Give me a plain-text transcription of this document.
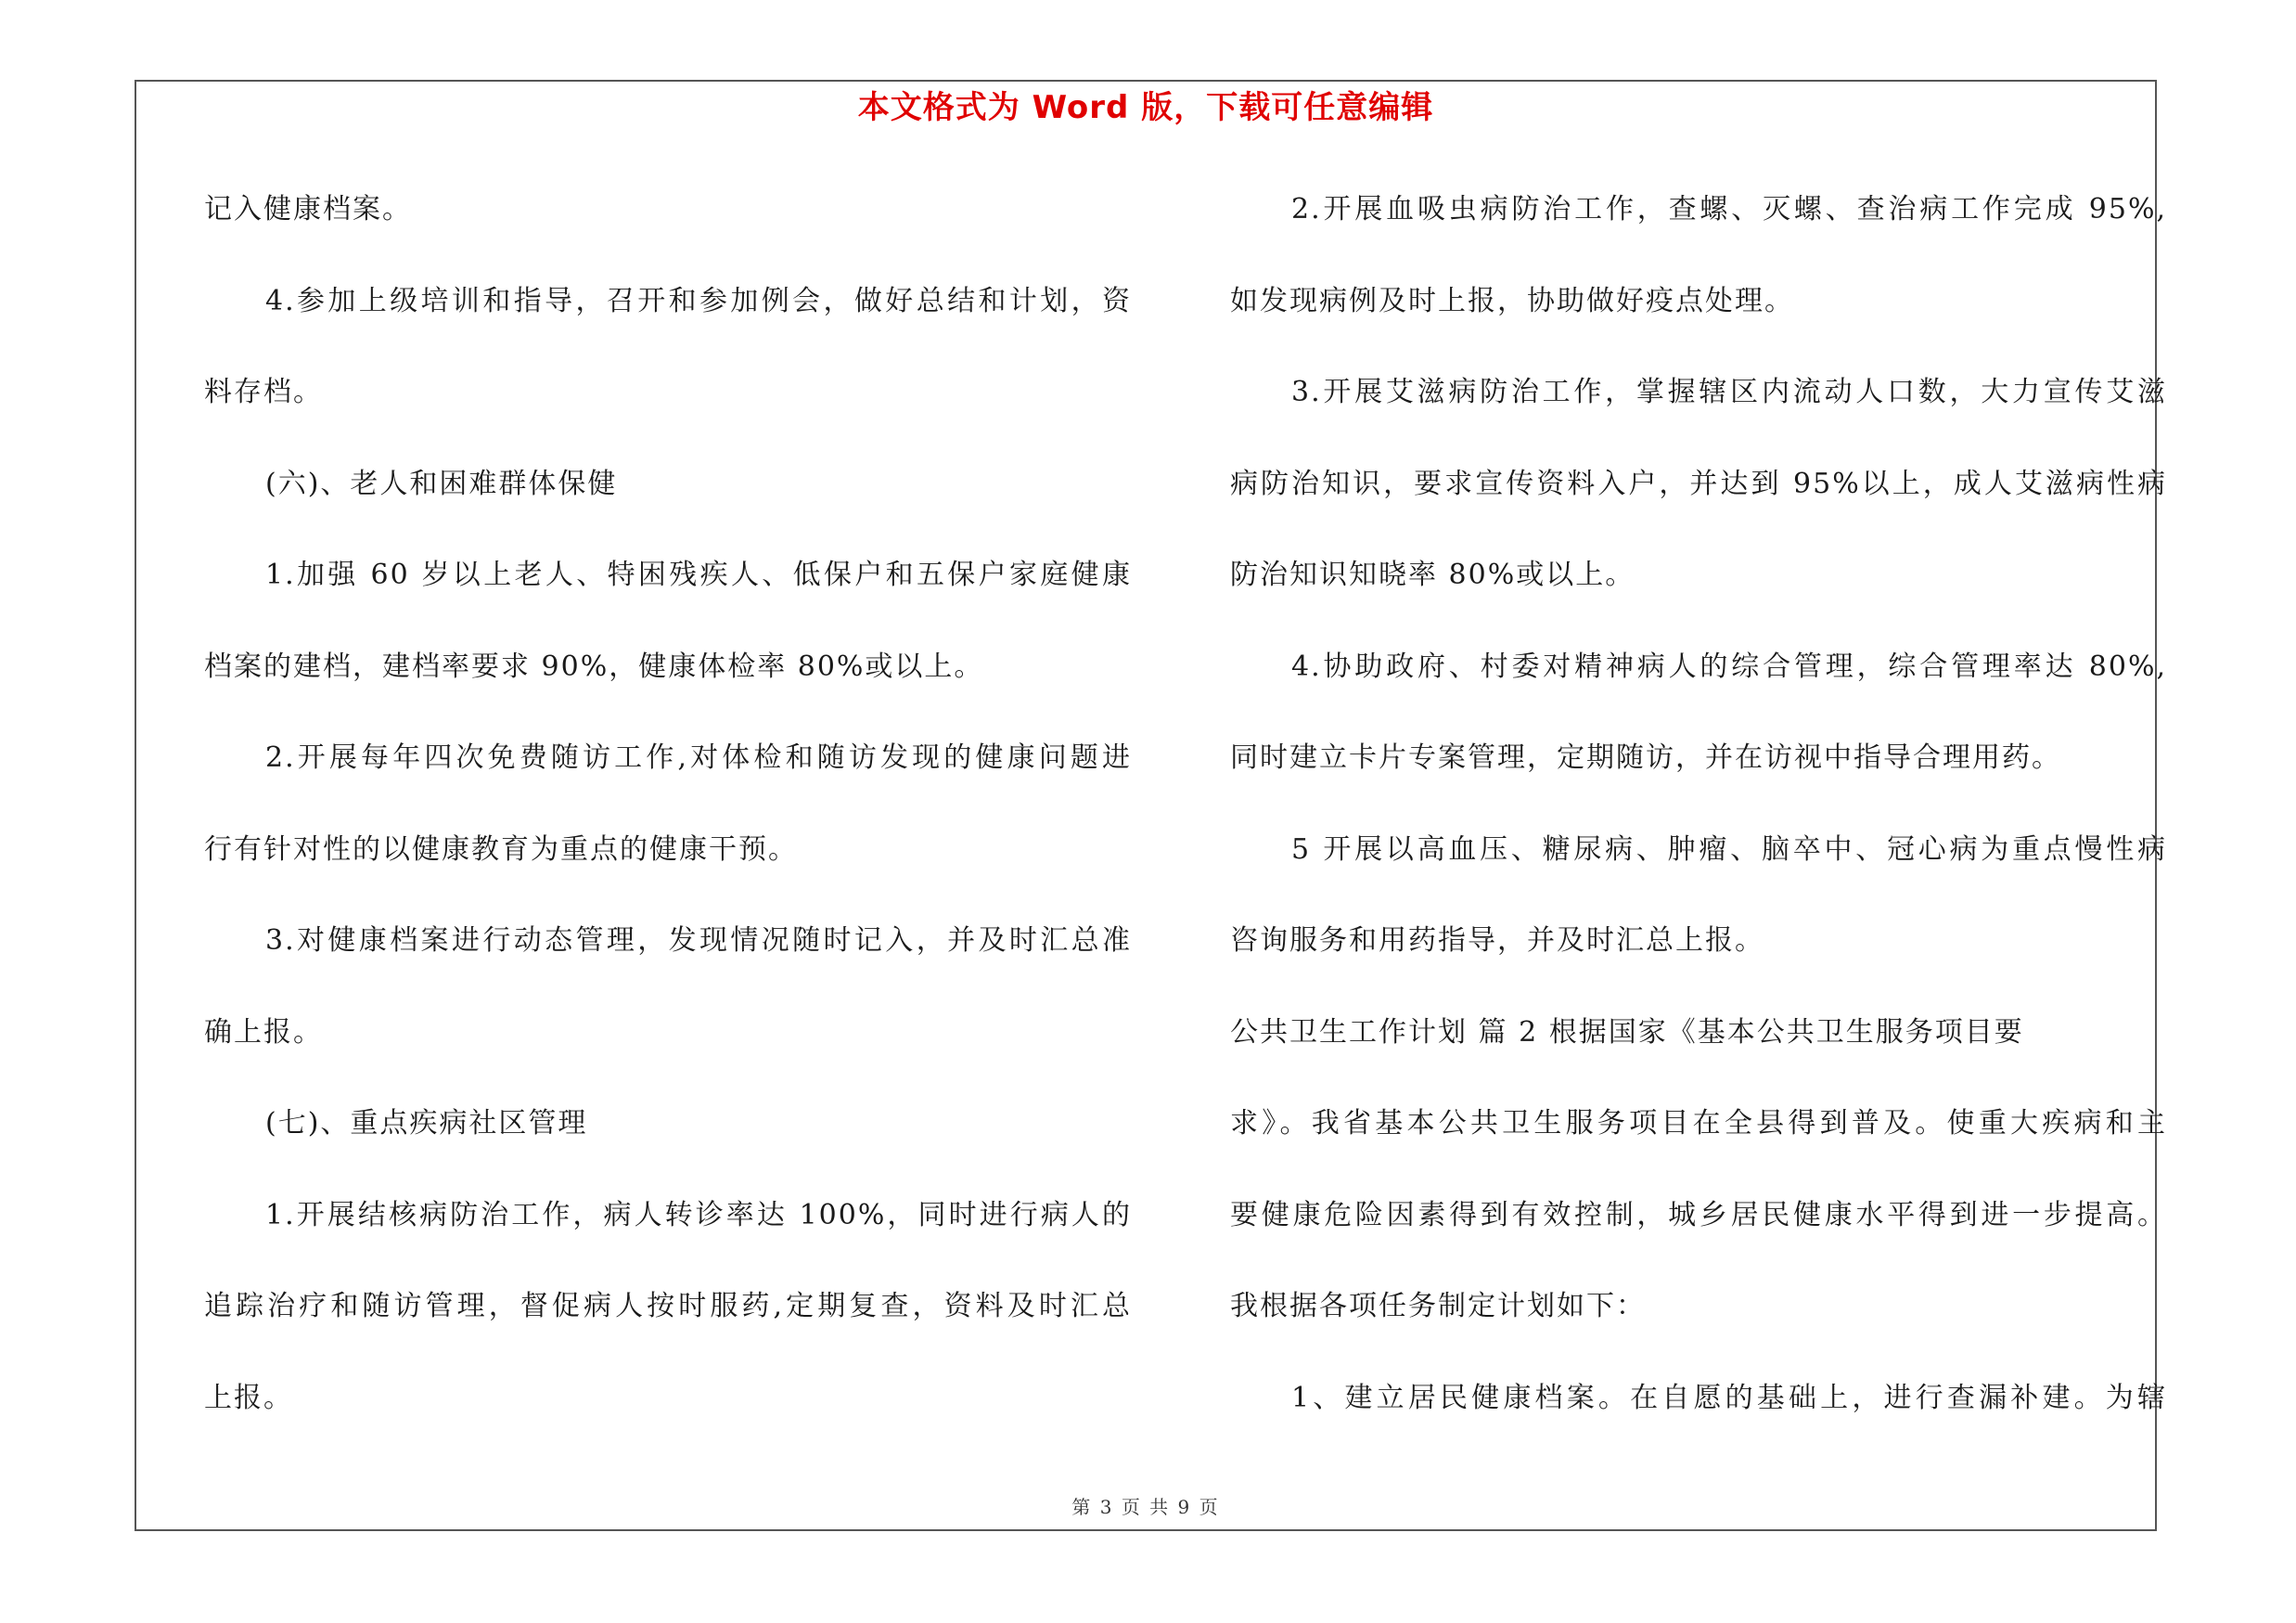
本文格式为 Word 版，下载可任意编辑
记入健康档案。
4.参加上级培训和指导，召开和参加例会，做好总结和计划，资
料存档。
(六)、老人和困难群体保健
1.加强 60 岁以上老人、特困残疾人、低保户和五保户家庭健康
档案的建档，建档率要求 90%，健康体检率 80%或以上。
2.开展每年四次免费随访工作,对体检和随访发现的健康问题进
行有针对性的以健康教育为重点的健康干预。
3.对健康档案进行动态管理，发现情况随时记入，并及时汇总准
确上报。
(七)、重点疾病社区管理
1.开展结核病防治工作，病人转诊率达 100%，同时进行病人的
追踪治疗和随访管理，督促病人按时服药,定期复查，资料及时汇总
上报。
2.开展血吸虫病防治工作，查螺、灭螺、查治病工作完成 95%,
如发现病例及时上报，协助做好疫点处理。
3.开展艾滋病防治工作，掌握辖区内流动人口数，大力宣传艾滋
病防治知识，要求宣传资料入户，并达到 95%以上，成人艾滋病性病
防治知识知晓率 80%或以上。
4.协助政府、村委对精神病人的综合管理，综合管理率达 80%,
同时建立卡片专案管理，定期随访，并在访视中指导合理用药。
5 开展以高血压、糖尿病、肿瘤、脑卒中、冠心病为重点慢性病
咨询服务和用药指导，并及时汇总上报。
公共卫生工作计划 篇 2 根据国家《基本公共卫生服务项目要
求》。我省基本公共卫生服务项目在全县得到普及。使重大疾病和主
要健康危险因素得到有效控制，城乡居民健康水平得到进一步提高。
我根据各项任务制定计划如下：
1、建立居民健康档案。在自愿的基础上，进行查漏补建。为辖
第 3 页 共 9 页
